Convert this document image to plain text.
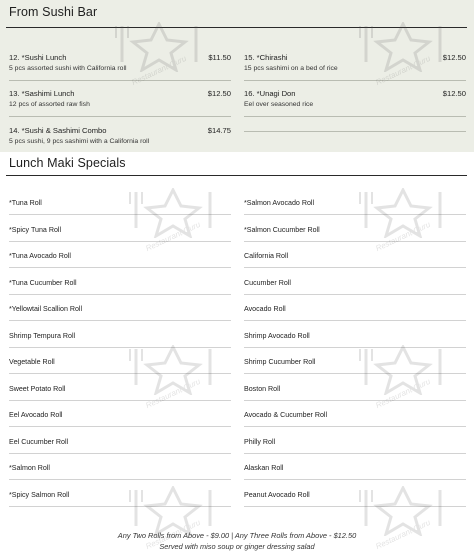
From Sushi Bar
12. *Sushi Lunch	$11.50
5 pcs assorted sushi with California roll
13. *Sashimi Lunch	$12.50
12 pcs of assorted raw fish
14. *Sushi & Sashimi Combo	$14.75
5 pcs sushi, 9 pcs sashimi with a California roll
15. *Chirashi	$12.50
15 pcs sashimi on a bed of rice
16. *Unagi Don	$12.50
Eel over seasoned rice
Lunch Maki Specials
*Tuna Roll
*Spicy Tuna Roll
*Tuna Avocado Roll
*Tuna Cucumber Roll
*Yellowtail Scallion Roll
Shrimp Tempura Roll
Vegetable Roll
Sweet Potato Roll
Eel Avocado Roll
Eel Cucumber Roll
*Salmon Roll
*Spicy Salmon Roll
*Salmon Avocado Roll
*Salmon Cucumber Roll
California Roll
Cucumber Roll
Avocado Roll
Shrimp Avocado Roll
Shrimp Cucumber Roll
Boston Roll
Avocado & Cucumber Roll
Philly Roll
Alaskan Roll
Peanut Avocado Roll
Any Two Rolls from Above - $9.00 | Any Three Rolls from Above - $12.50
Served with miso soup or ginger dressing salad
Restaurant Guru	Restaurant Guru
Restaurant Guru	Restaurant Guru
Restaurant Guru	Restaurant Guru
Restaurant Guru	Restaurant Guru
